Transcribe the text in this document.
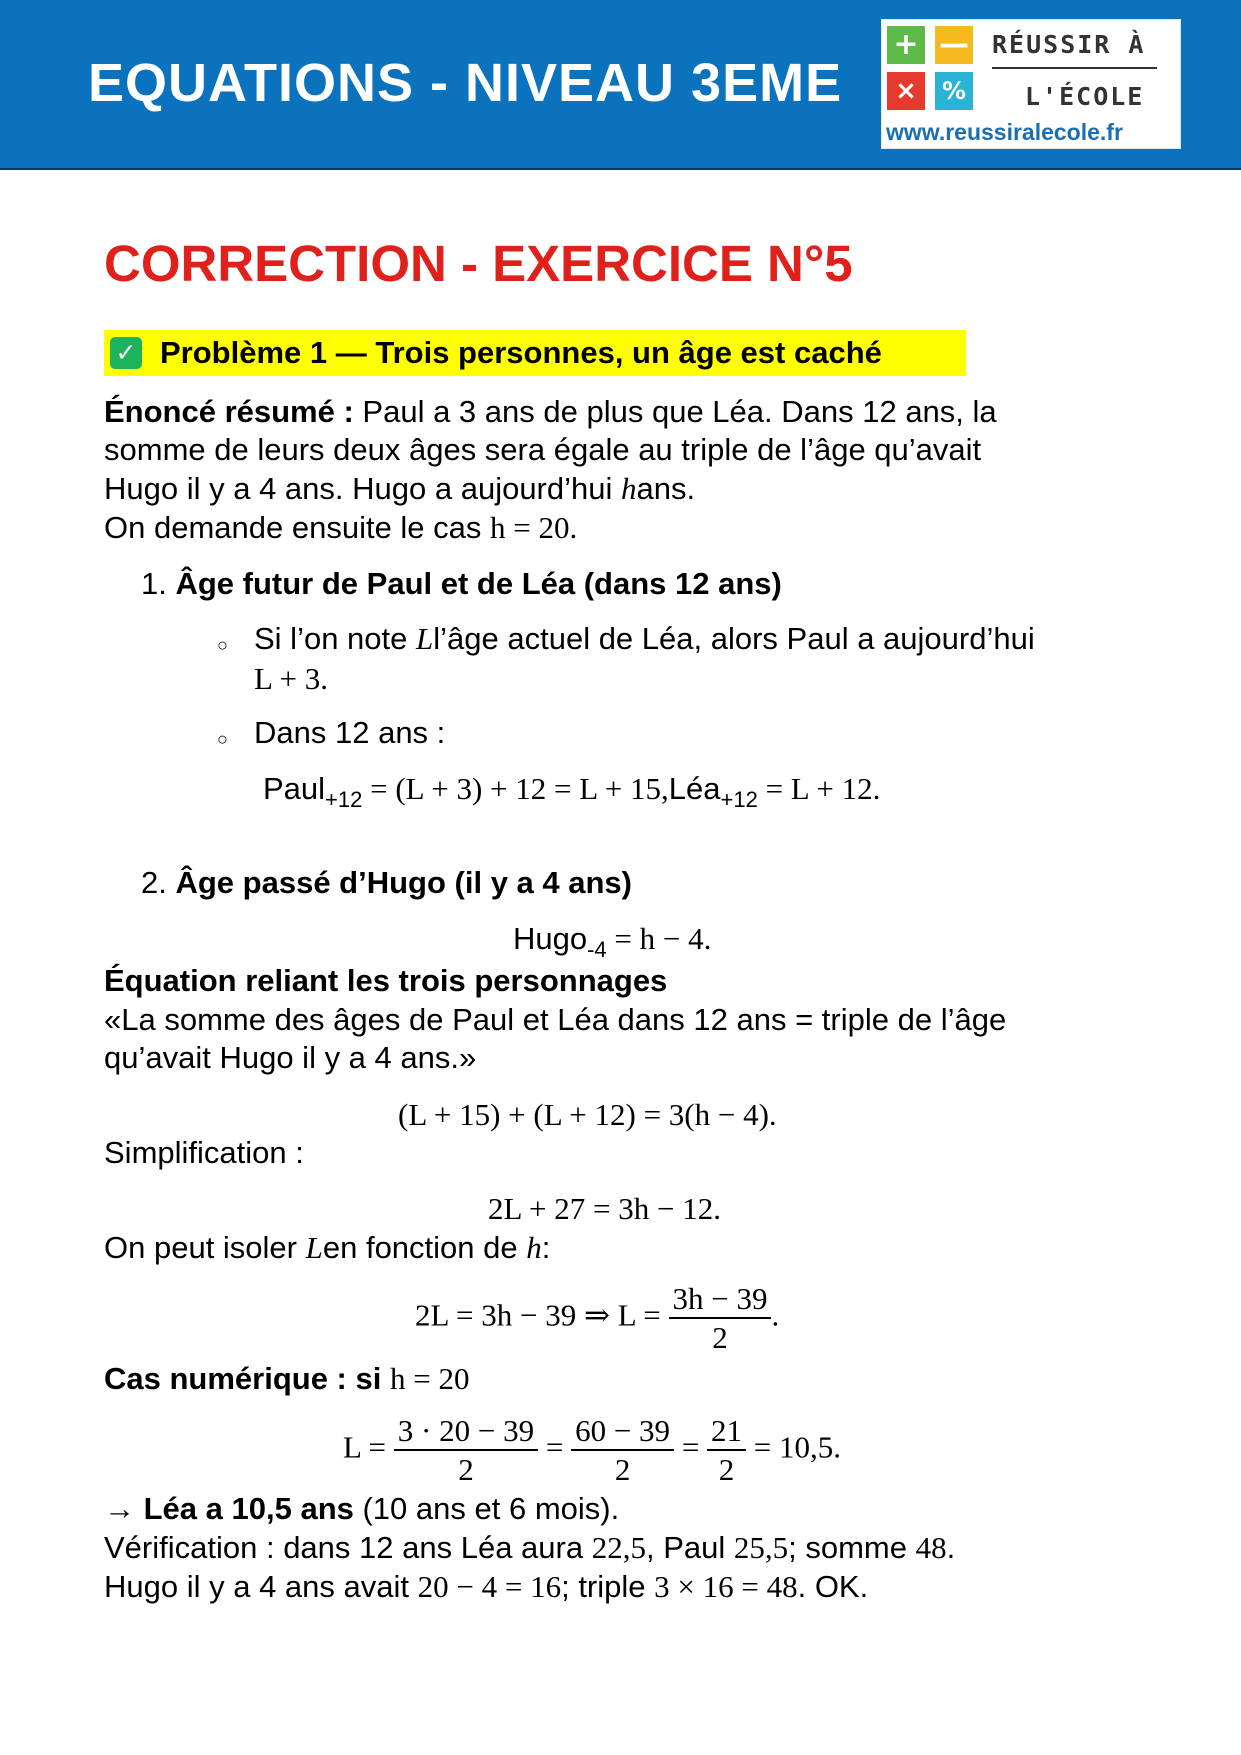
EQUATIONS - NIVEAU 3EME
+ —
×	%
RÉUSSIR À
L'ÉCOLE
www.reussiralecole.fr
CORRECTION - EXERCICE N°5
✓ Problème 1 — Trois personnes, un âge est caché
Énoncé résumé : Paul a 3 ans de plus que Léa. Dans 12 ans, la
somme de leurs deux âges sera égale au triple de l’âge qu’avait
Hugo il y a 4 ans. Hugo a aujourd’hui hans.
On demande ensuite le cas h = 20.
1. Âge futur de Paul et de Léa (dans 12 ans)
○ Si l’on note Ll’âge actuel de Léa, alors Paul a aujourd’hui
L + 3.
○ Dans 12 ans :
Paul$_{+12}$ = (L + 3) + 12 = L + 15,Léa$_{+12}$ = L + 12.
2. Âge passé d’Hugo (il y a 4 ans)
Hugo$_{-4}$ = h − 4.
Équation reliant les trois personnages
«La somme des âges de Paul et Léa dans 12 ans = triple de l’âge
qu’avait Hugo il y a 4 ans.»
(L + 15) + (L + 12) = 3(h − 4).
Simplification :
2L + 27 = 3h − 12.
On peut isoler Len fonction de h:
2L = 3h − 39 ⇒ $L = \frac{3h - 39}{2}$ .
Cas numérique : si h = 20
$L = \frac{3 \cdot 20 - 39}{2} = \frac{60 - 39}{2} = \frac{21}{2} = 10,5$.
→ Léa a 10,5 ans (10 ans et 6 mois).
Vérification : dans 12 ans Léa aura 22,5, Paul 25,5; somme 48.
Hugo il y a 4 ans avait 20 − 4 = 16; triple 3 × 16 = 48. OK.
